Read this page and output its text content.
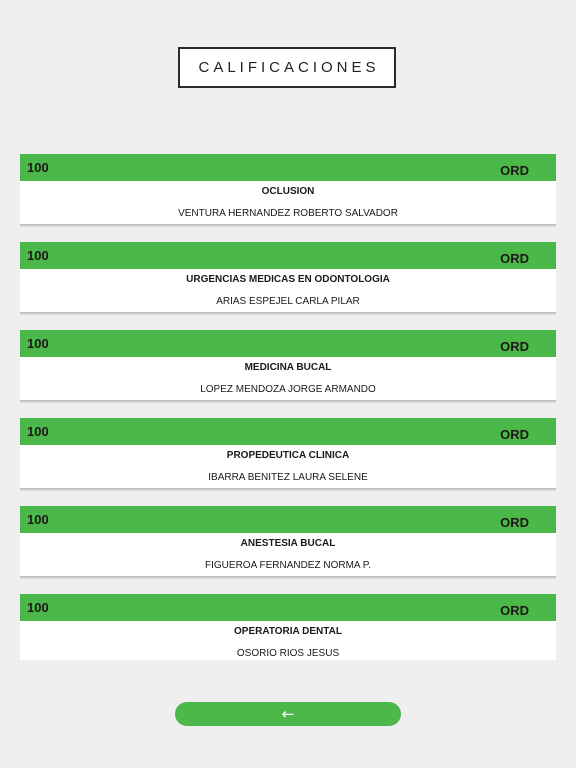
CALIFICACIONES
100	ORD
OCLUSION
VENTURA HERNANDEZ ROBERTO SALVADOR
100	ORD
URGENCIAS MEDICAS EN ODONTOLOGIA
ARIAS ESPEJEL CARLA PILAR
100	ORD
MEDICINA BUCAL
LOPEZ MENDOZA JORGE ARMANDO
100	ORD
PROPEDEUTICA CLINICA
IBARRA BENITEZ LAURA SELENE
100	ORD
ANESTESIA BUCAL
FIGUEROA FERNANDEZ NORMA P.
100	ORD
OPERATORIA DENTAL
OSORIO RIOS JESUS
←
